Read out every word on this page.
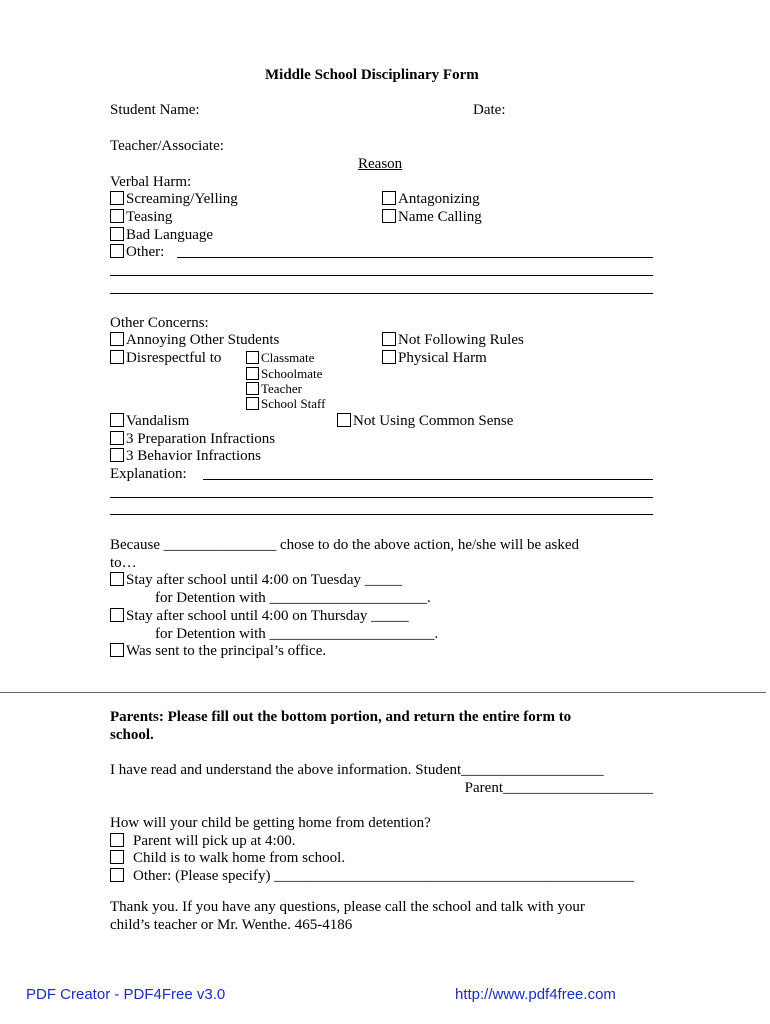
Middle School Disciplinary Form
Student Name:	Date:
Teacher/Associate:
Reason
Verbal Harm:
Screaming/Yelling
Teasing
Bad Language
Other:
Antagonizing
Name Calling
Other Concerns:
Annoying Other Students
Disrespectful to	Classmate
Schoolmate
Teacher
School Staff
Not Following Rules
Physical Harm
Vandalism	Not Using Common Sense
3 Preparation Infractions
3 Behavior Infractions
Explanation:
Because _______________ chose to do the above action, he/she will be asked
to…
Stay after school until 4:00 on Tuesday _____
for Detention with _____________________.
Stay after school until 4:00 on Thursday _____
for Detention with ______________________.
Was sent to the principal’s office.
Parents: Please fill out the bottom portion, and return the entire form to
school.
I have read and understand the above information. Student___________________
Parent____________________
How will your child be getting home from detention?
Parent will pick up at 4:00.
Child is to walk home from school.
Other: (Please specify) ________________________________________________
Thank you. If you have any questions, please call the school and talk with your
child’s teacher or Mr. Wenthe. 465-4186
PDF Creator - PDF4Free v3.0	http://www.pdf4free.com
